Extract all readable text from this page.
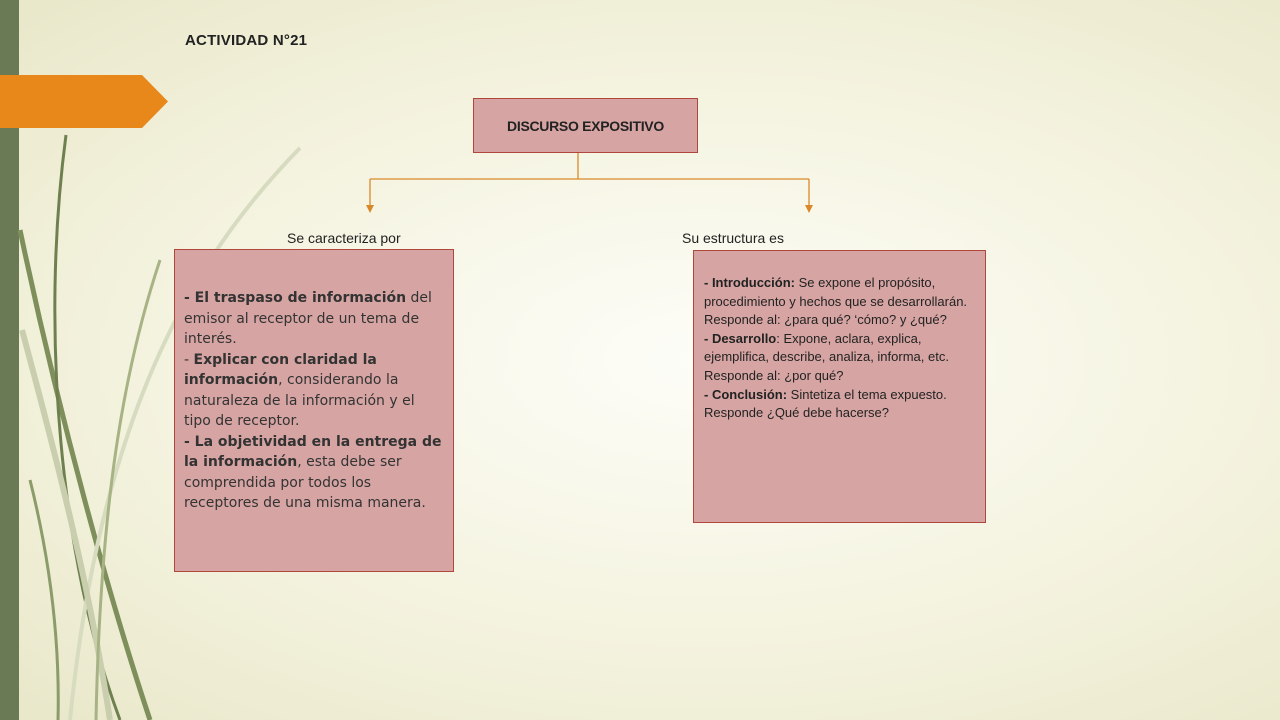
ACTIVIDAD N°21
DISCURSO EXPOSITIVO
Se caracteriza por	Su estructura es
- El traspaso de información del emisor al receptor de un tema de interés.
- Explicar con claridad la información, considerando la naturaleza de la información y el tipo de receptor.
- La objetividad en la entrega de la información, esta debe ser comprendida por todos los receptores de una misma manera.
- Introducción: Se expone el propósito, procedimiento y hechos que se desarrollarán.
Responde al: ¿para qué? ‘cómo? y ¿qué?
- Desarrollo: Expone, aclara, explica, ejemplifica, describe, analiza, informa, etc.
Responde al: ¿por qué?
- Conclusión: Sintetiza el tema expuesto.
Responde ¿Qué debe hacerse?
